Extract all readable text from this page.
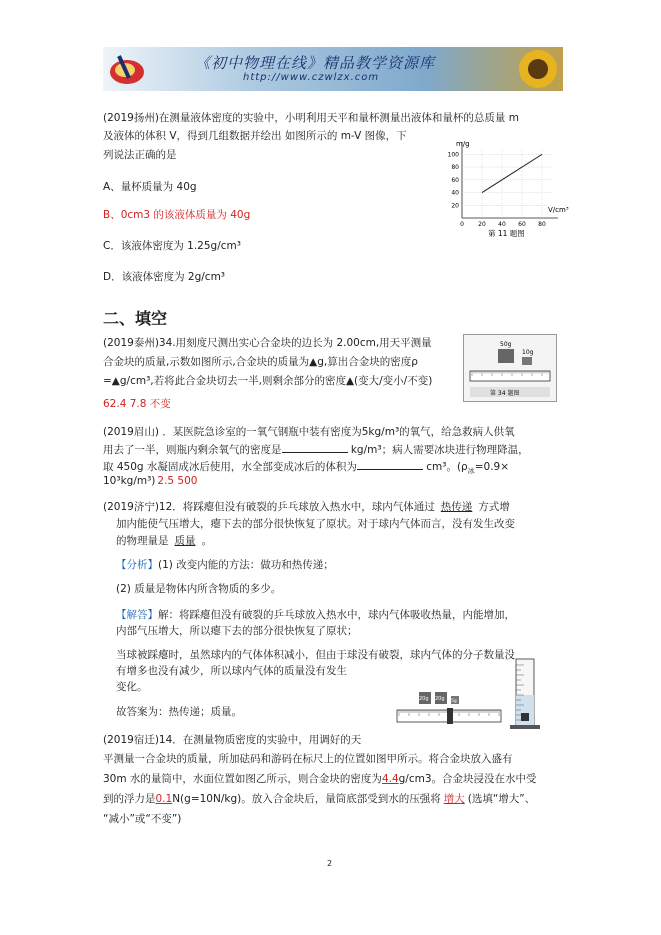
《初中物理在线》精品教学资源库
http://www.czwlzx.com
(2019扬州)在测量液体密度的实验中，小明利用天平和量杯测量出液体和量杯的总质量 m
及液体的体积 V，得到几组数据并绘出 如图所示的 m-V 图像，下
列说法正确的是
A、量杯质量为 40g
B、0cm3 的该液体质量为 40g
C．该液体密度为 1.25g/cm³
D．该液体密度为 2g/cm³
100
80
60
40
20
0 20 40 60 80
m/g
V/cm³
第 11 题图
二、填空
(2019泰州)34.用刻度尺测出实心合金块的边长为 2.00cm,用天平测量
合金块的质量,示数如图所示,合金块的质量为▲g,算出合金块的密度ρ
=▲g/cm³,若将此合金块切去一半,则剩余部分的密度▲(变大/变小/不变)
62.4 7.8 不变
50g
10g
第 34 题图
(2019眉山) ．某医院急诊室的一氧气钢瓶中装有密度为5kg/m³的氧气，给急救病人供氧
用去了一半，则瓶内剩余氧气的密度是	kg/m³；病人需要冰块进行物理降温，
取 450g 水凝固成冰后使用，水全部变成冰后的体积为	cm³。($\rho_冰=0.9\times$
10³kg/m³) 2.5 500
(2019济宁)12．将踩瘪但没有破裂的乒乓球放入热水中，球内气体通过 热传递 方式增
加内能使气压增大，瘪下去的部分很快恢复了原状。对于球内气体而言，没有发生改变
的物理量是 质量 。
【分析】(1) 改变内能的方法：做功和热传递；
(2) 质量是物体内所含物质的多少。
【解答】解：将踩瘪但没有破裂的乒乓球放入热水中，球内气体吸收热量，内能增加，
内部气压增大，所以瘪下去的部分很快恢复了原状；
当球被踩瘪时，虽然球内的气体体积减小，但由于球没有破裂，球内气体的分子数量没
有增多也没有减少，所以球内气体的质量没有发生
变化。
故答案为：热传递；质量。
20g 20g 5g
(2019宿迁)14．在测量物质密度的实验中，用调好的天
平测量一合金块的质量，所加砝码和游码在标尺上的位置如图甲所示。将合金块放入盛有
30m 水的量筒中，水面位置如图乙所示，则合金块的密度为4.4g/cm3。合金块浸没在水中受
到的浮力是0.1N(g=10N/kg)。放入合金块后，量筒底部受到水的压强将 增大 (选填“增大”、
“减小”或“不变”)
2
